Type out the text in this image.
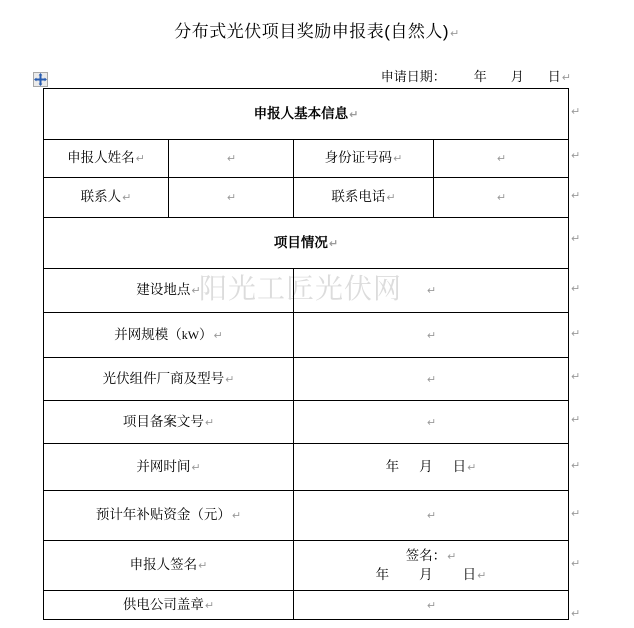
分布式光伏项目奖励申报表(自然人)↵
申请日期： 年 月 日↵
阳光工匠光伏网
申报人基本信息↵			
申报人姓名↵	↵	身份证号码↵	↵
联系人↵	↵	联系电话↵	↵
项目情况↵			
建设地点↵		↵	
并网规模（kW）↵		↵	
光伏组件厂商及型号↵		↵	
项目备案文号↵		↵	
并网时间↵		年 月 日↵	
预计年补贴资金（元）↵		↵	
申报人签名↵		签名：↵
年 月 日↵	

供电公司盖章↵		↵	
↵
↵
↵
↵
↵
↵
↵
↵
↵
↵
↵
↵
